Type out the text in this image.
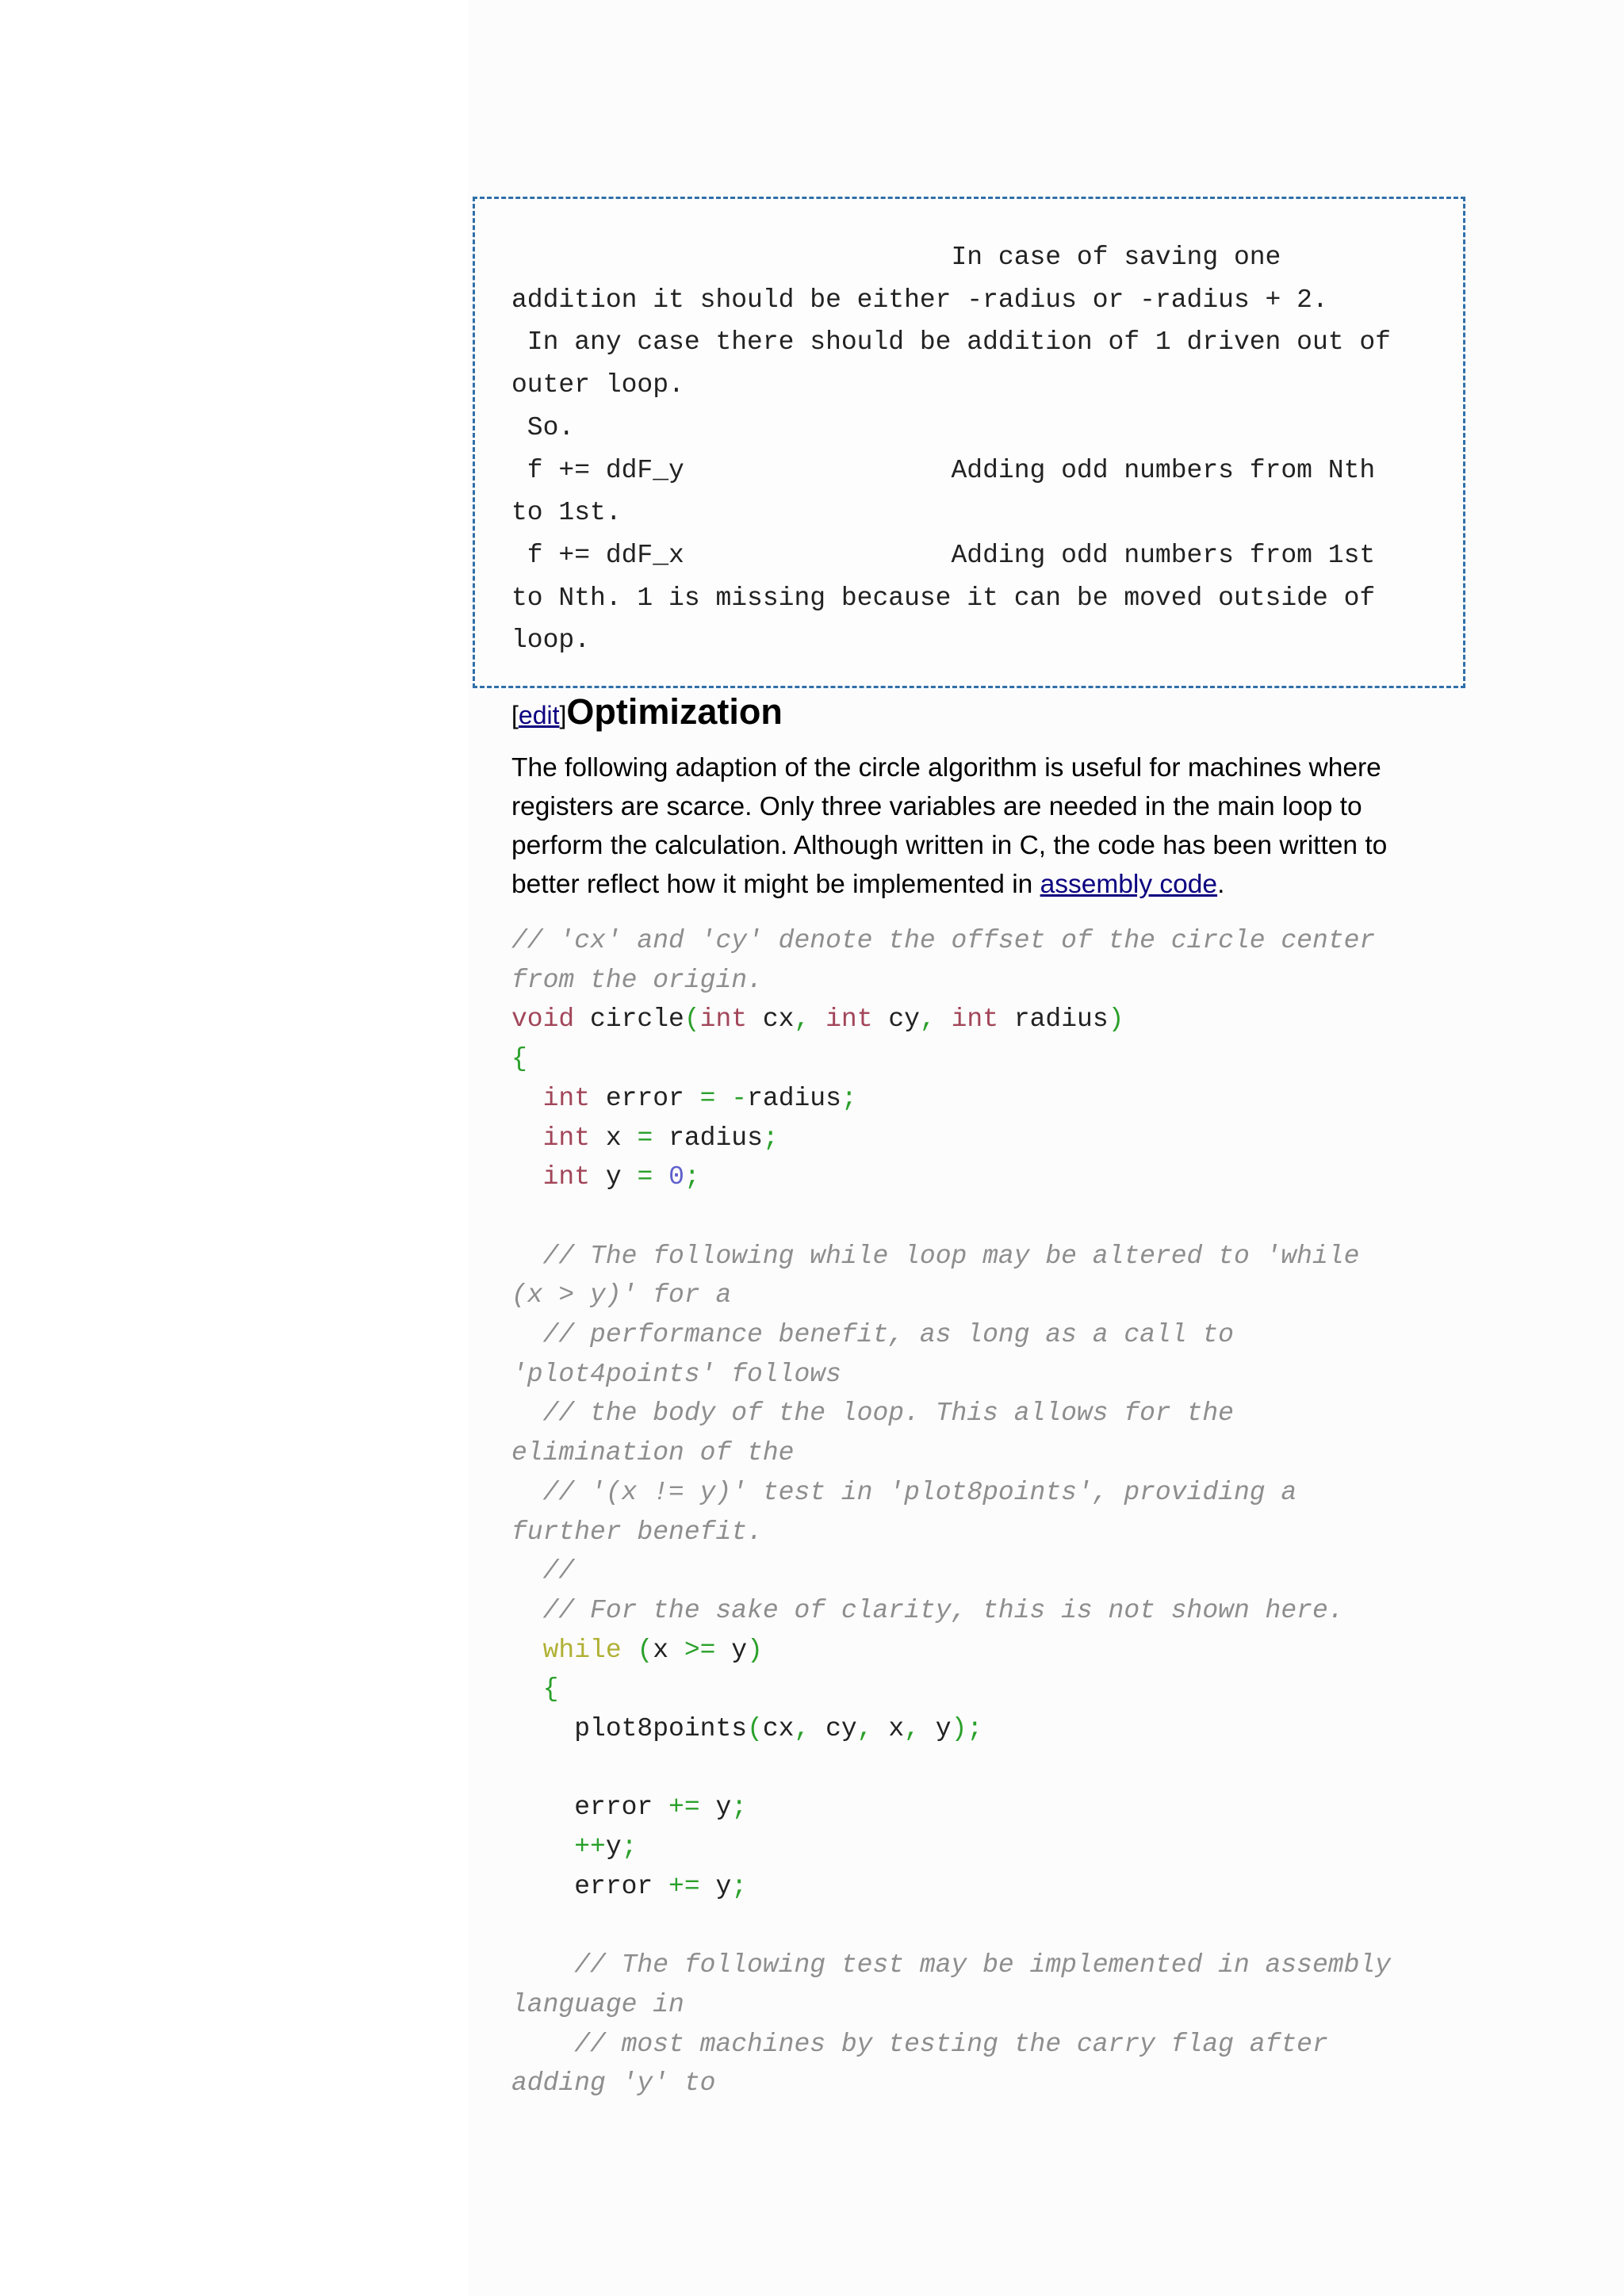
In case of saving one
addition it should be either -radius or -radius + 2.
In any case there should be addition of 1 driven out of
outer loop.
So.
f += ddF_y                 Adding odd numbers from Nth
to 1st.
f += ddF_x                 Adding odd numbers from 1st
to Nth. 1 is missing because it can be moved outside of
loop.
[edit]Optimization
The following adaption of the circle algorithm is useful for machines where registers are scarce. Only three variables are needed in the main loop to perform the calculation. Although written in C, the code has been written to better reflect how it might be implemented in assembly code.
// 'cx' and 'cy' denote the offset of the circle center
from the origin.
void circle(int cx, int cy, int radius)
{
int error = -radius;
int x = radius;
int y = 0;
// The following while loop may be altered to 'while
(x > y)' for a
// performance benefit, as long as a call to
'plot4points' follows
// the body of the loop. This allows for the
elimination of the
// '(x != y)' test in 'plot8points', providing a
further benefit.
//
// For the sake of clarity, this is not shown here.
while (x >= y)
{
plot8points(cx, cy, x, y);
error += y;
++y;
error += y;
// The following test may be implemented in assembly
language in
// most machines by testing the carry flag after
adding 'y' to
